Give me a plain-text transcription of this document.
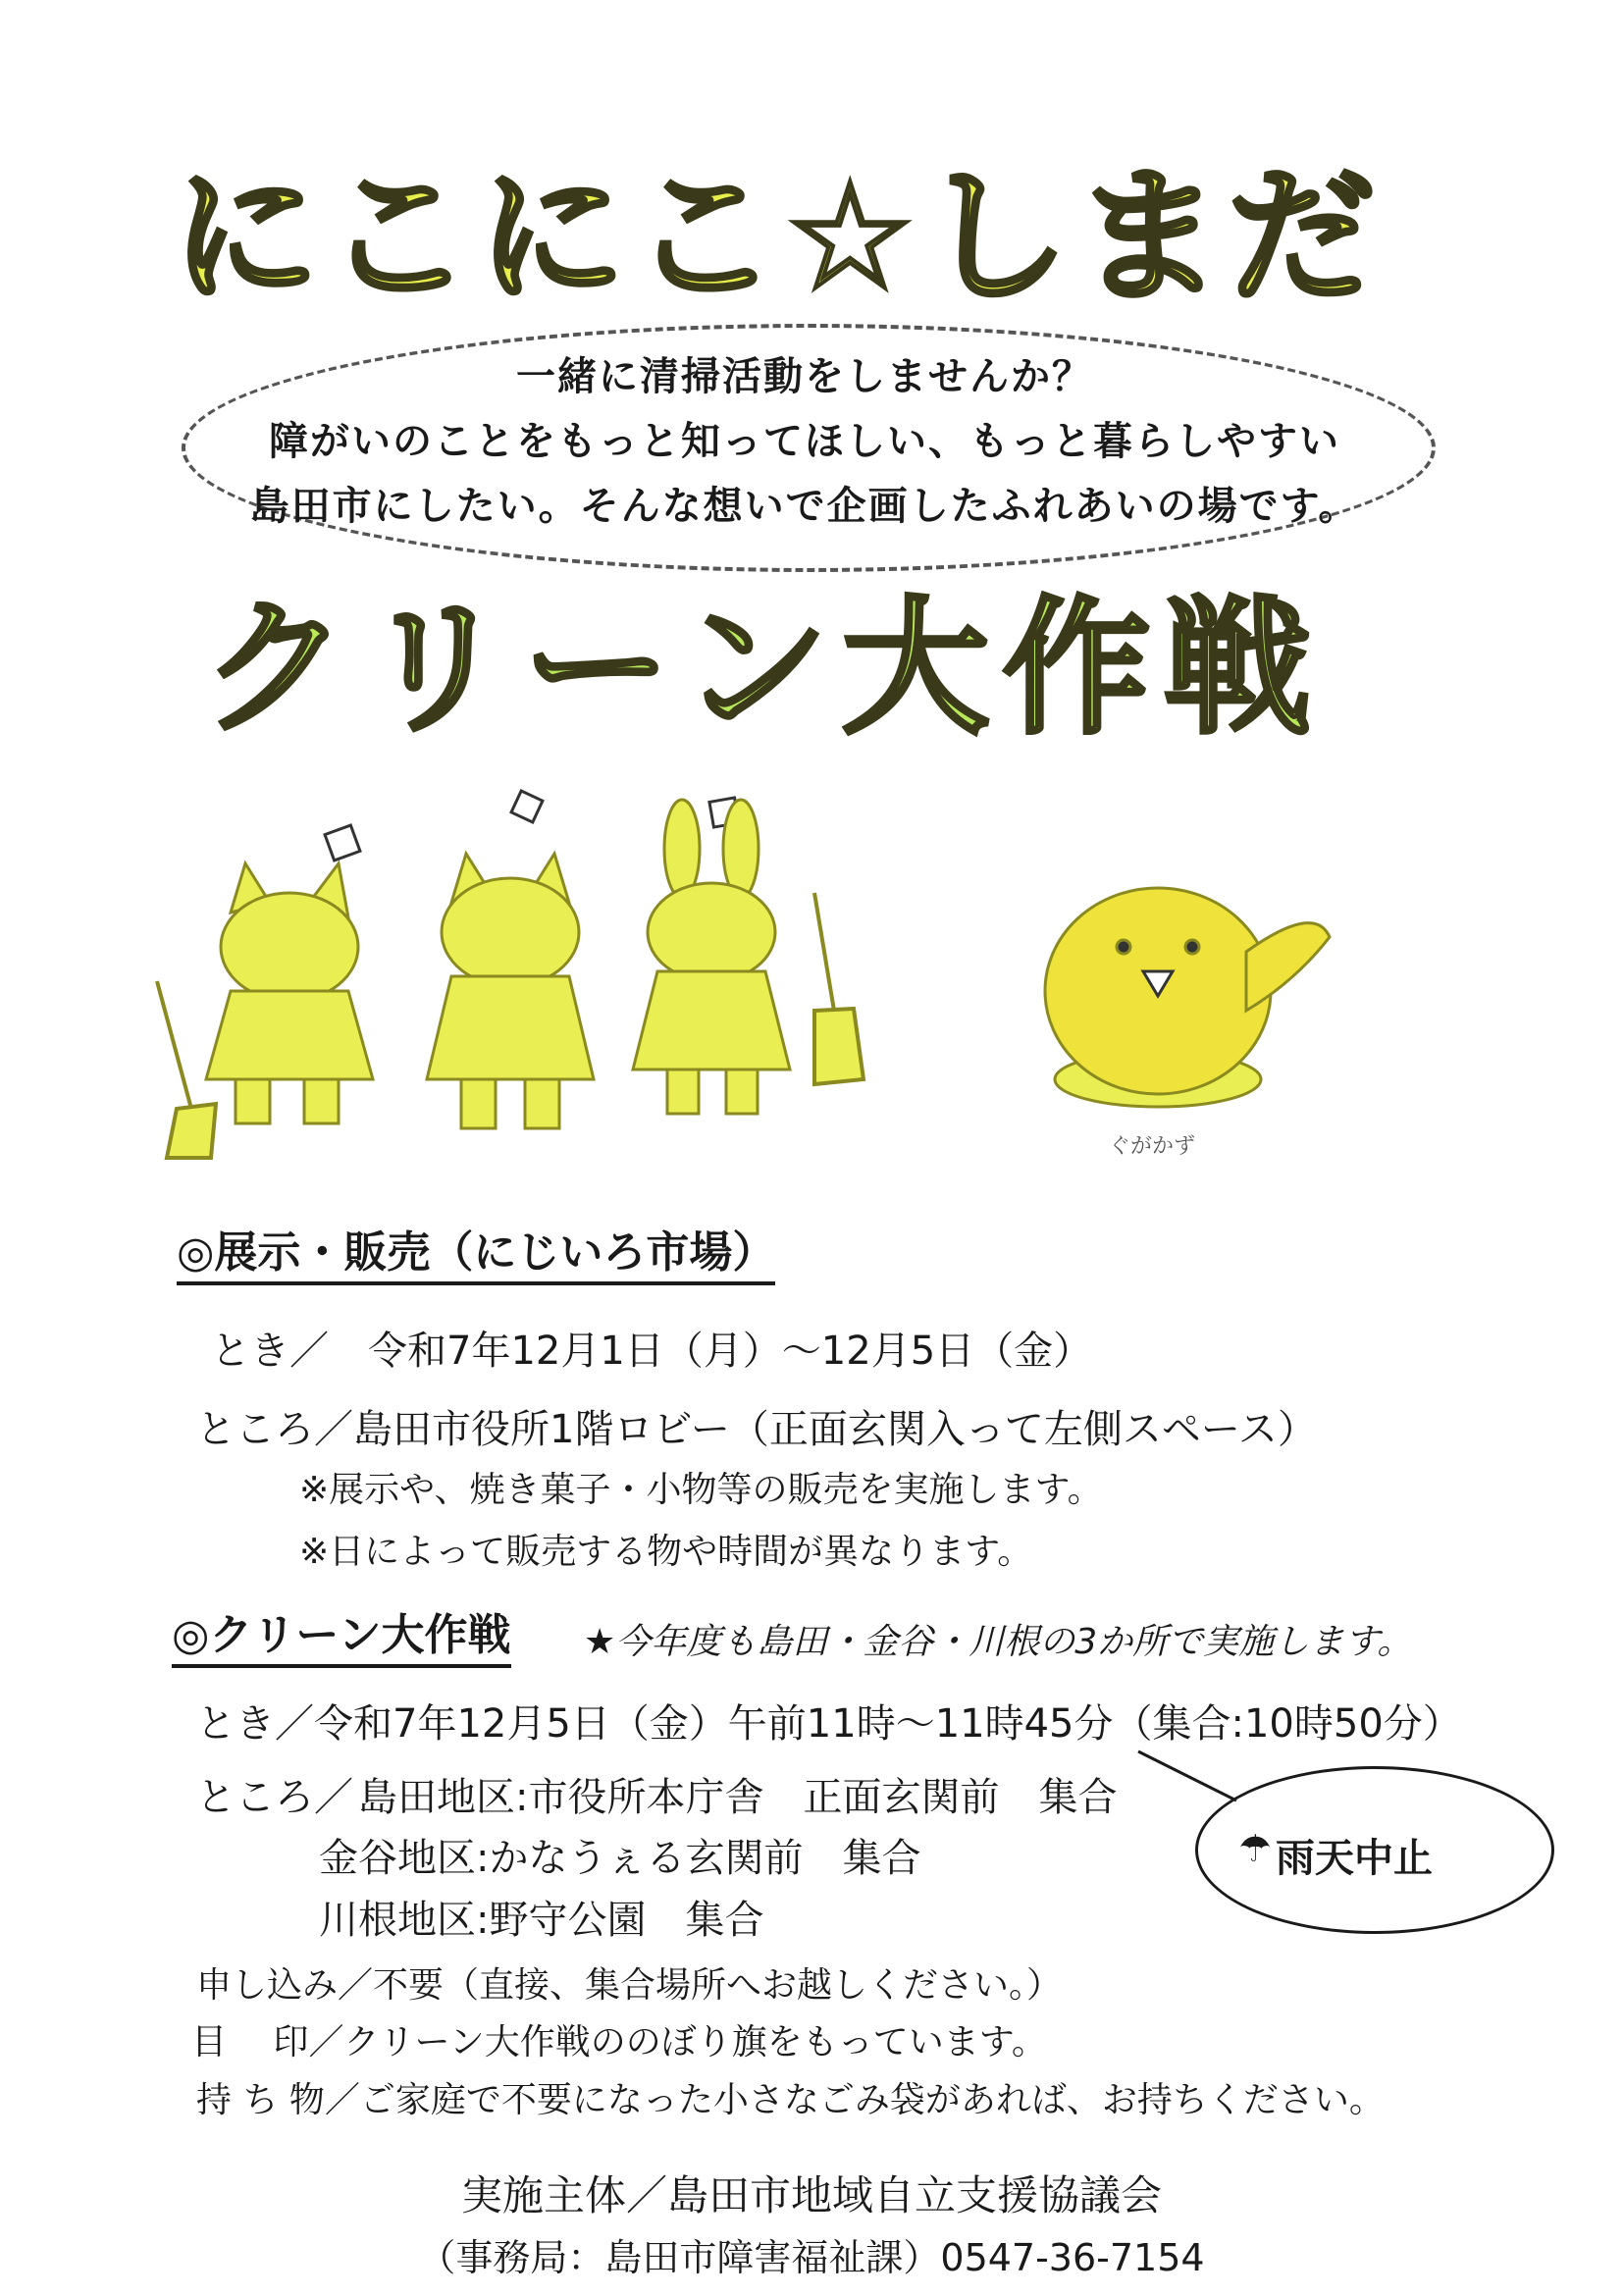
にこにこ☆しまだ
一緒に清掃活動をしませんか？
障がいのことをもっと知ってほしい、もっと暮らしやすい
島田市にしたい。そんな想いで企画したふれあいの場です。
クリーン大作戦
ぐがかず
◎展示・販売（にじいろ市場）
とき／　令和7年12月1日（月）～12月5日（金）
ところ／島田市役所1階ロビー（正面玄関入って左側スペース）
※展示や、焼き菓子・小物等の販売を実施します。
※日によって販売する物や時間が異なります。
◎クリーン大作戦 ★今年度も島田・金谷・川根の3か所で実施します。
とき／令和7年12月5日（金）午前11時～11時45分（集合:10時50分）
ところ／ 島田地区:市役所本庁舎　正面玄関前　集合
金谷地区:かなうぇる玄関前　集合
川根地区:野守公園　集合
☂ 雨天中止
申し込み／不要（直接、集合場所へお越しください。）
目　 印／クリーン大作戦ののぼり旗をもっています。
持 ち 物／ご家庭で不要になった小さなごみ袋があれば、お持ちください。
実施主体／島田市地域自立支援協議会
（事務局：島田市障害福祉課）0547-36-7154
